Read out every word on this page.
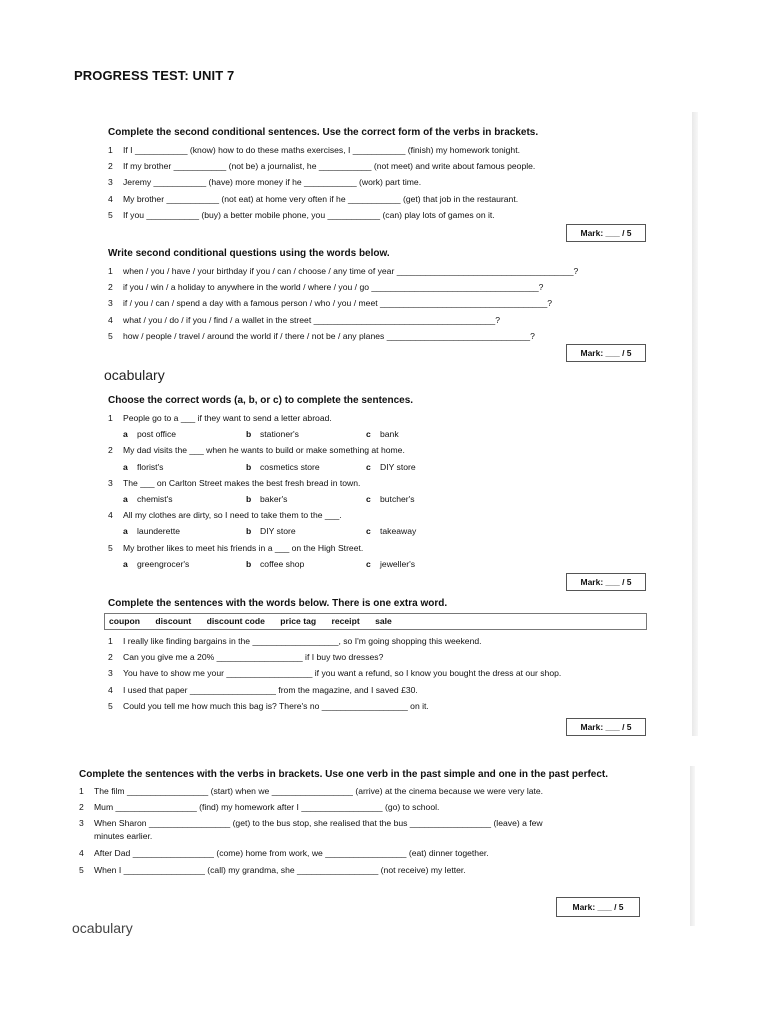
PROGRESS TEST: UNIT 7
Complete the second conditional sentences. Use the correct form of the verbs in brackets.
1 If I ___________ (know) how to do these maths exercises, I ___________ (finish) my homework tonight.
2 If my brother ___________ (not be) a journalist, he ___________ (not meet) and write about famous people.
3 Jeremy ___________ (have) more money if he ___________ (work) part time.
4 My brother ___________ (not eat) at home very often if he ___________ (get) that job in the restaurant.
5 If you ___________ (buy) a better mobile phone, you ___________ (can) play lots of games on it.
Mark: ___ / 5
Write second conditional questions using the words below.
1 when / you / have / your birthday if you / can / choose / any time of year _____________________________________?
2 if you / win / a holiday to anywhere in the world / where / you / go ___________________________________?
3 if / you / can / spend a day with a famous person / who / you / meet ___________________________________?
4 what / you / do / if you / find / a wallet in the street ______________________________________?
5 how / people / travel / around the world if / there / not be / any planes ______________________________?
Mark: ___ / 5
ocabulary
Choose the correct words (a, b, or c) to complete the sentences.
1 People go to a ___ if they want to send a letter abroad.
a post office	b stationer's	c bank
2 My dad visits the ___ when he wants to build or make something at home.
a florist's	b cosmetics store	c DIY store
3 The ___ on Carlton Street makes the best fresh bread in town.
a chemist's	b baker's	c butcher's
4 All my clothes are dirty, so I need to take them to the ___.
a launderette	b DIY store	c takeaway
5 My brother likes to meet his friends in a ___ on the High Street.
a greengrocer's	b coffee shop	c jeweller's
Mark: ___ / 5
Complete the sentences with the words below. There is one extra word.
coupon discount discount code price tag receipt sale
1 I really like finding bargains in the __________________, so I'm going shopping this weekend.
2 Can you give me a 20% __________________ if I buy two dresses?
3 You have to show me your __________________ if you want a refund, so I know you bought the dress at our shop.
4 I used that paper __________________ from the magazine, and I saved £30.
5 Could you tell me how much this bag is? There's no __________________ on it.
Mark: ___ / 5
Complete the sentences with the verbs in brackets. Use one verb in the past simple and one in the past perfect.
1 The film _________________ (start) when we _________________ (arrive) at the cinema because we were very late.
2 Mum _________________ (find) my homework after I _________________ (go) to school.
3 When Sharon _________________ (get) to the bus stop, she realised that the bus _________________ (leave) a few
minutes earlier.
4 After Dad _________________ (come) home from work, we _________________ (eat) dinner together.
5 When I _________________ (call) my grandma, she _________________ (not receive) my letter.
Mark: ___ / 5
ocabulary
